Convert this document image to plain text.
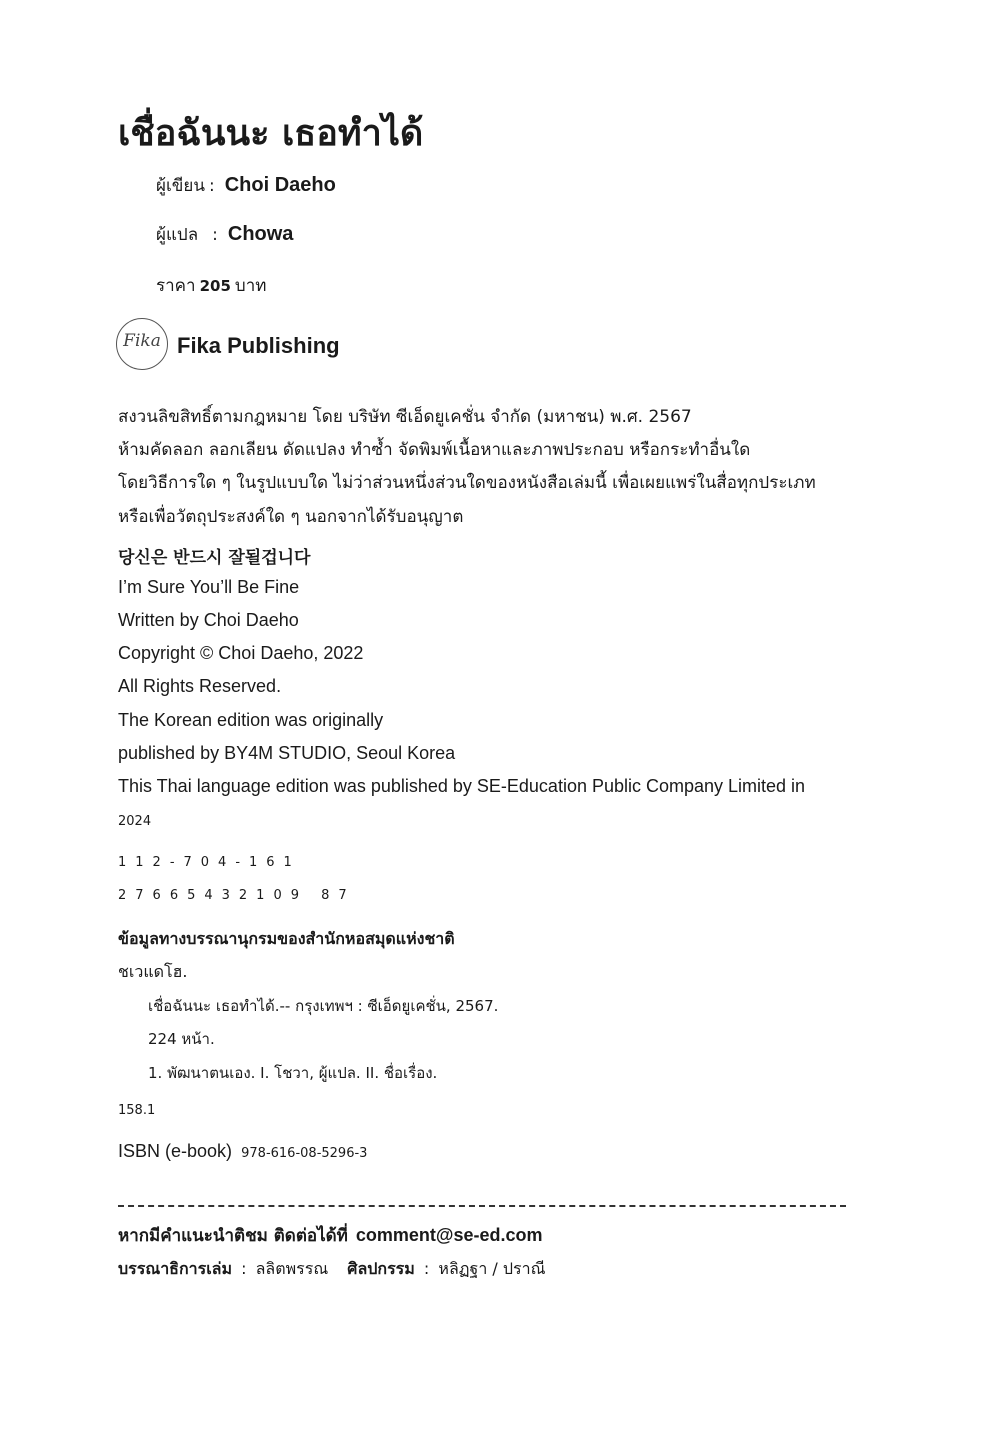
เชื่อฉันนะ เธอทำได้
ผู้เขียน : Choi Daeho
ผู้แปล : Chowa
ราคา 205 บาท
Fika Fika Publishing
สงวนลิขสิทธิ์ตามกฎหมาย โดย บริษัท ซีเอ็ดยูเคชั่น จำกัด (มหาชน) พ.ศ. 2567
ห้ามคัดลอก ลอกเลียน ดัดแปลง ทำซ้ำ จัดพิมพ์เนื้อหาและภาพประกอบ หรือกระทำอื่นใด
โดยวิธีการใด ๆ ในรูปแบบใด ไม่ว่าส่วนหนึ่งส่วนใดของหนังสือเล่มนี้ เพื่อเผยแพร่ในสื่อทุกประเภท
หรือเพื่อวัตถุประสงค์ใด ๆ นอกจากได้รับอนุญาต
당신은 반드시 잘될겁니다
I’m Sure You’ll Be Fine
Written by Choi Daeho
Copyright © Choi Daeho, 2022
All Rights Reserved.
The Korean edition was originally
published by BY4M STUDIO, Seoul Korea
This Thai language edition was published by SE-Education Public Company Limited in
2024
112-704-161
27665432109 87
ข้อมูลทางบรรณานุกรมของสำนักหอสมุดแห่งชาติ
ชเวแดโฮ.
เชื่อฉันนะ เธอทำได้.-- กรุงเทพฯ : ซีเอ็ดยูเคชั่น, 2567.
224 หน้า.
1. พัฒนาตนเอง. I. โชวา, ผู้แปล. II. ชื่อเรื่อง.
158.1
ISBN (e-book) 978-616-08-5296-3
หากมีคำแนะนำติชม ติดต่อได้ที่ comment@se-ed.com
บรรณาธิการเล่ม : ลลิตพรรณ ศิลปกรรม : หลิฏฐา / ปราณี
